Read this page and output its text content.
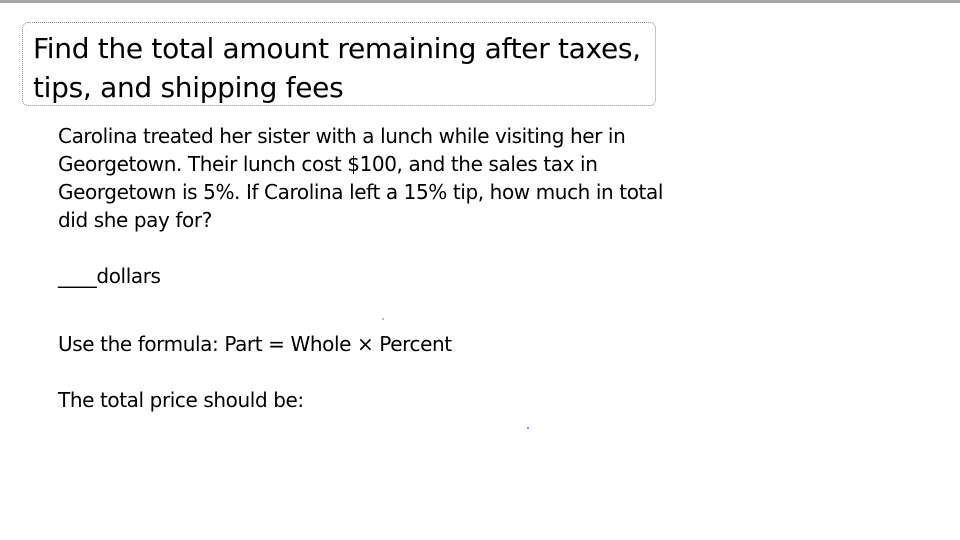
Find the total amount remaining after taxes,
tips, and shipping fees

Carolina treated her sister with a lunch while visiting her in
Georgetown. Their lunch cost $100, and the sales tax in
Georgetown is 5%. If Carolina left a 15% tip, how much in total
did she pay for?

____dollars

Use the formula: Part = Whole × Percent

The total price should be:
